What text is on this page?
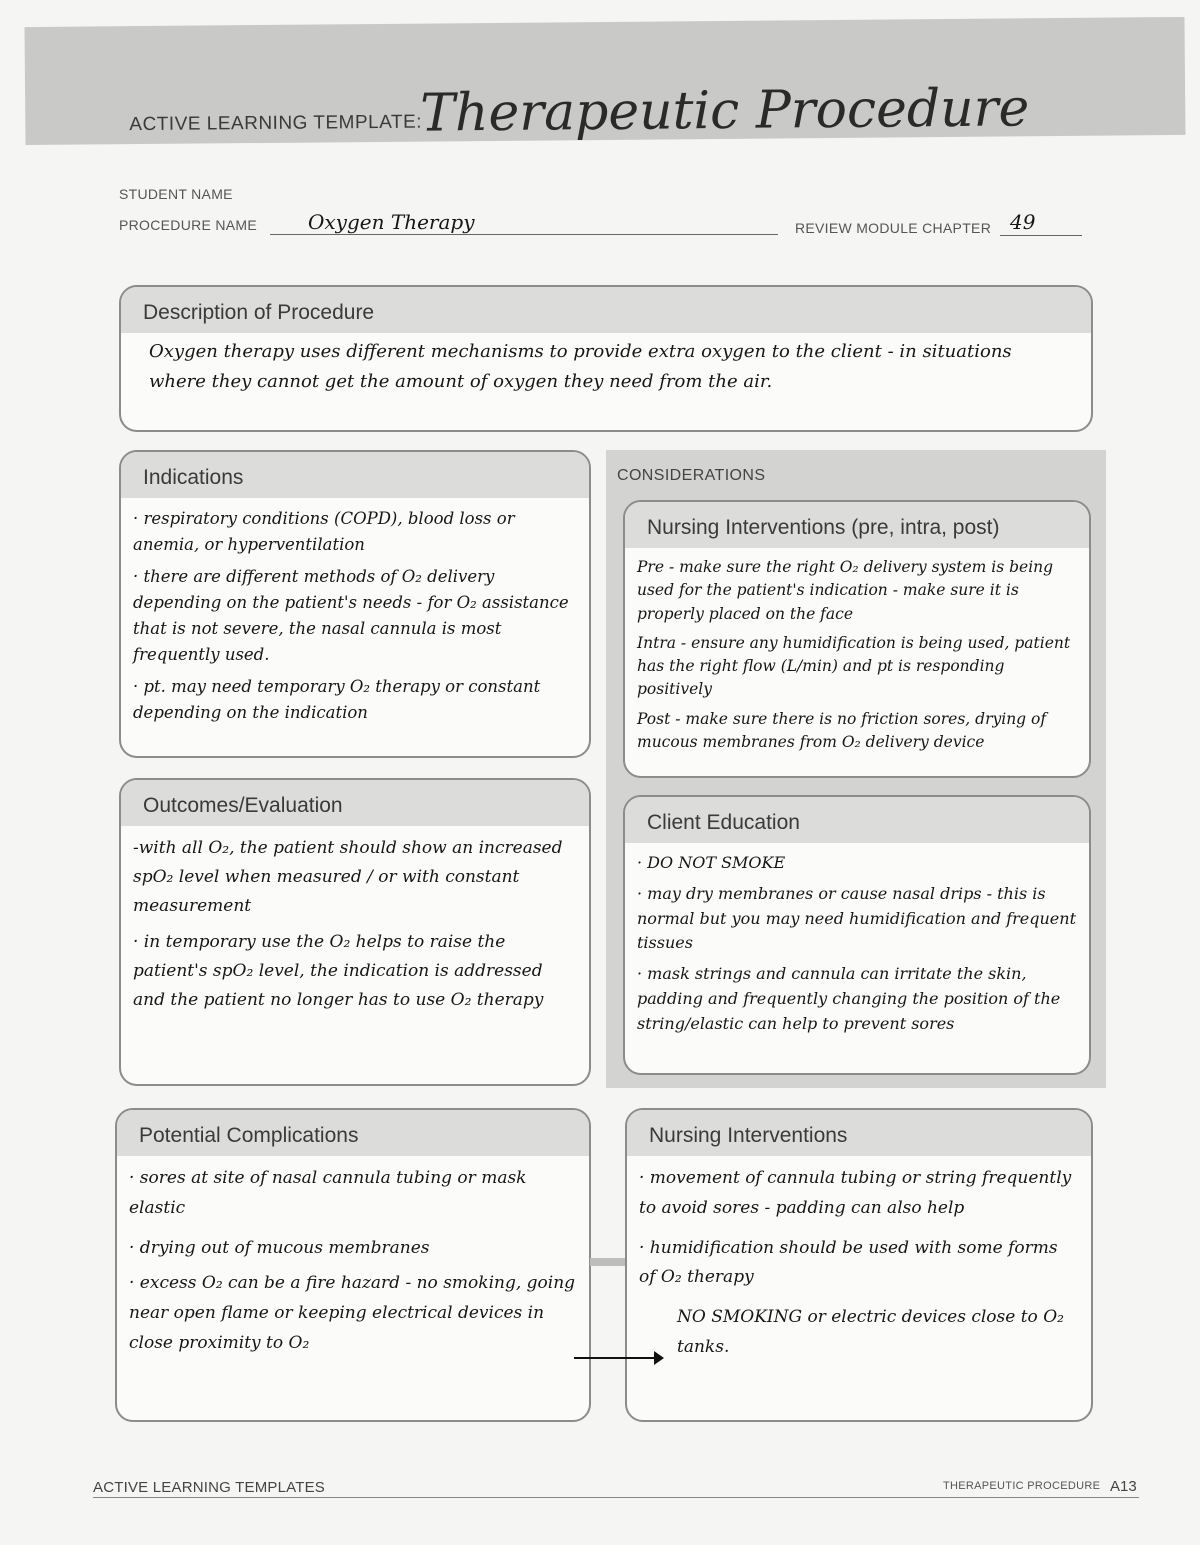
ACTIVE LEARNING TEMPLATE:
Therapeutic Procedure
STUDENT NAME
PROCEDURE NAME	Oxygen Therapy	REVIEW MODULE CHAPTER 49
Description of Procedure

Oxygen therapy uses different mechanisms to provide extra oxygen to the client - in situations where they cannot get the amount of oxygen they need from the air.

Indications

· respiratory conditions (COPD), blood loss or anemia, or hyperventilation

· there are different methods of O₂ delivery depending on the patient's needs - for O₂ assistance that is not severe, the nasal cannula is most frequently used.

· pt. may need temporary O₂ therapy or constant depending on the indication

Outcomes/Evaluation

-with all O₂, the patient should show an increased spO₂ level when measured / or with constant measurement

· in temporary use the O₂ helps to raise the patient's spO₂ level, the indication is addressed and the patient no longer has to use O₂ therapy

CONSIDERATIONS
Nursing Interventions (pre, intra, post)

Pre - make sure the right O₂ delivery system is being used for the patient's indication - make sure it is properly placed on the face

Intra - ensure any humidification is being used, patient has the right flow (L/min) and pt is responding positively

Post - make sure there is no friction sores, drying of mucous membranes from O₂ delivery device

Client Education

· DO NOT SMOKE

· may dry membranes or cause nasal drips - this is normal but you may need humidification and frequent tissues

· mask strings and cannula can irritate the skin, padding and frequently changing the position of the string/elastic can help to prevent sores

Potential Complications

· sores at site of nasal cannula tubing or mask elastic

· drying out of mucous membranes

· excess O₂ can be a fire hazard - no smoking, going near open flame or keeping electrical devices in close proximity to O₂

Nursing Interventions

· movement of cannula tubing or string frequently to avoid sores - padding can also help

· humidification should be used with some forms of O₂ therapy

NO SMOKING or electric devices close to O₂ tanks.

ACTIVE LEARNING TEMPLATES	THERAPEUTIC PROCEDURE A13
